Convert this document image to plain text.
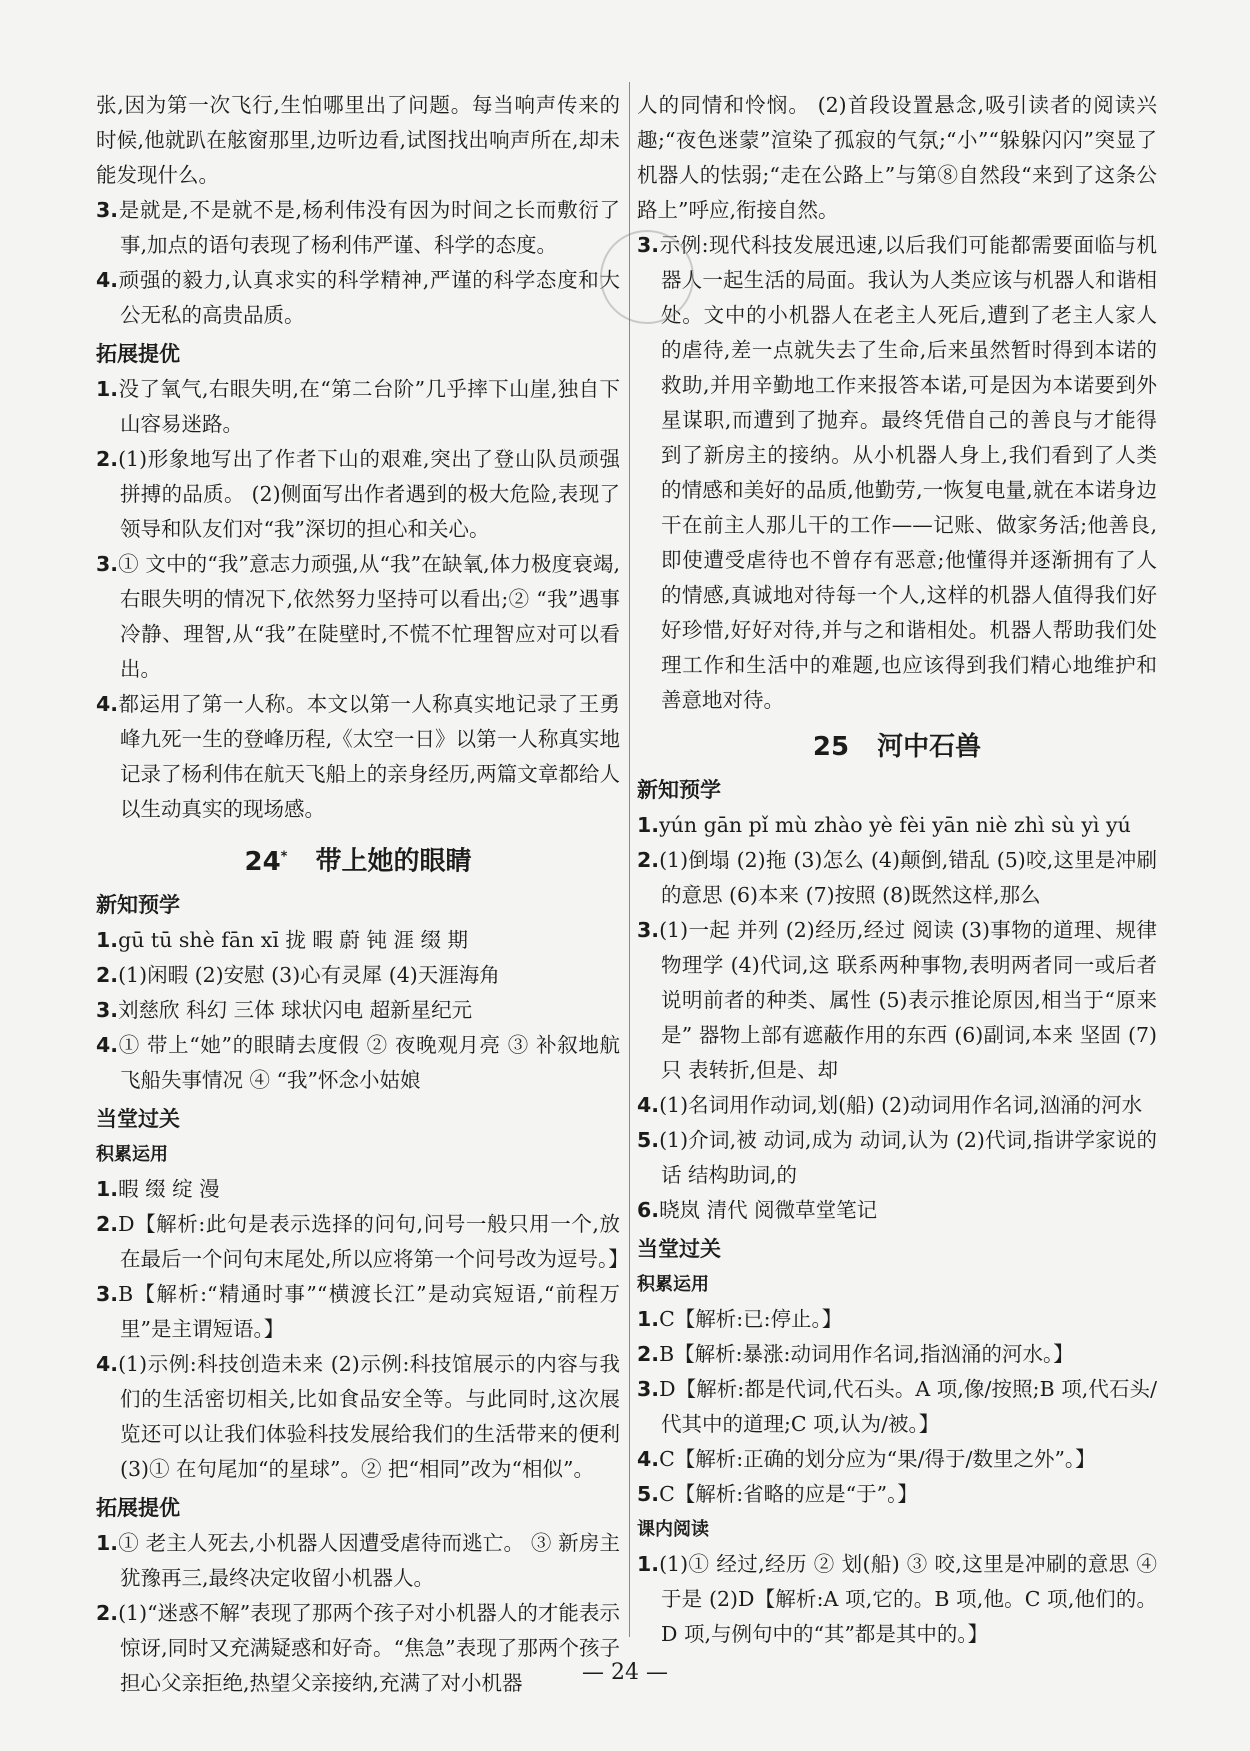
张,因为第一次飞行,生怕哪里出了问题。每当响声传来的时候,他就趴在舷窗那里,边听边看,试图找出响声所在,却未能发现什么。

3.是就是,不是就不是,杨利伟没有因为时间之长而敷衍了事,加点的语句表现了杨利伟严谨、科学的态度。

4.顽强的毅力,认真求实的科学精神,严谨的科学态度和大公无私的高贵品质。

拓展提优

1.没了氧气,右眼失明,在“第二台阶”几乎摔下山崖,独自下山容易迷路。

2.(1)形象地写出了作者下山的艰难,突出了登山队员顽强拼搏的品质。 (2)侧面写出作者遇到的极大危险,表现了领导和队友们对“我”深切的担心和关心。

3.① 文中的“我”意志力顽强,从“我”在缺氧,体力极度衰竭,右眼失明的情况下,依然努力坚持可以看出;② “我”遇事冷静、理智,从“我”在陡壁时,不慌不忙理智应对可以看出。

4.都运用了第一人称。本文以第一人称真实地记录了王勇峰九死一生的登峰历程,《太空一日》以第一人称真实地记录了杨利伟在航天飞船上的亲身经历,两篇文章都给人以生动真实的现场感。

24* 带上她的眼睛

新知预学

1.gū tū shè fān xī 拢 暇 蔚 钝 涯 缀 期

2.(1)闲暇 (2)安慰 (3)心有灵犀 (4)天涯海角

3.刘慈欣 科幻 三体 球状闪电 超新星纪元

4.① 带上“她”的眼睛去度假 ② 夜晚观月亮 ③ 补叙地航飞船失事情况 ④ “我”怀念小姑娘

当堂过关

积累运用

1.暇 缀 绽 漫

2.D【解析:此句是表示选择的问句,问号一般只用一个,放在最后一个问句末尾处,所以应将第一个问号改为逗号。】

3.B【解析:“精通时事”“横渡长江”是动宾短语,“前程万里”是主谓短语。】

4.(1)示例:科技创造未来 (2)示例:科技馆展示的内容与我们的生活密切相关,比如食品安全等。与此同时,这次展览还可以让我们体验科技发展给我们的生活带来的便利 (3)① 在句尾加“的星球”。② 把“相同”改为“相似”。

拓展提优

1.① 老主人死去,小机器人因遭受虐待而逃亡。 ③ 新房主犹豫再三,最终决定收留小机器人。

2.(1)“迷惑不解”表现了那两个孩子对小机器人的才能表示惊讶,同时又充满疑惑和好奇。“焦急”表现了那两个孩子担心父亲拒绝,热望父亲接纳,充满了对小机器

人的同情和怜悯。 (2)首段设置悬念,吸引读者的阅读兴趣;“夜色迷蒙”渲染了孤寂的气氛;“小”“躲躲闪闪”突显了机器人的怯弱;“走在公路上”与第⑧自然段“来到了这条公路上”呼应,衔接自然。

3.示例:现代科技发展迅速,以后我们可能都需要面临与机器人一起生活的局面。我认为人类应该与机器人和谐相处。文中的小机器人在老主人死后,遭到了老主人家人的虐待,差一点就失去了生命,后来虽然暂时得到本诺的救助,并用辛勤地工作来报答本诺,可是因为本诺要到外星谋职,而遭到了抛弃。最终凭借自己的善良与才能得到了新房主的接纳。从小机器人身上,我们看到了人类的情感和美好的品质,他勤劳,一恢复电量,就在本诺身边干在前主人那儿干的工作——记账、做家务活;他善良,即使遭受虐待也不曾存有恶意;他懂得并逐渐拥有了人的情感,真诚地对待每一个人,这样的机器人值得我们好好珍惜,好好对待,并与之和谐相处。机器人帮助我们处理工作和生活中的难题,也应该得到我们精心地维护和善意地对待。

25 河中石兽

新知预学

1.yún gān pǐ mù zhào yè fèi yān niè zhì sù yì yú

2.(1)倒塌 (2)拖 (3)怎么 (4)颠倒,错乱 (5)咬,这里是冲刷的意思 (6)本来 (7)按照 (8)既然这样,那么

3.(1)一起 并列 (2)经历,经过 阅读 (3)事物的道理、规律 物理学 (4)代词,这 联系两种事物,表明两者同一或后者说明前者的种类、属性 (5)表示推论原因,相当于“原来是” 器物上部有遮蔽作用的东西 (6)副词,本来 坚固 (7)只 表转折,但是、却

4.(1)名词用作动词,划(船) (2)动词用作名词,汹涌的河水

5.(1)介词,被 动词,成为 动词,认为 (2)代词,指讲学家说的话 结构助词,的

6.晓岚 清代 阅微草堂笔记

当堂过关

积累运用

1.C【解析:已:停止。】

2.B【解析:暴涨:动词用作名词,指汹涌的河水。】

3.D【解析:都是代词,代石头。A 项,像/按照;B 项,代石头/代其中的道理;C 项,认为/被。】

4.C【解析:正确的划分应为“果/得于/数里之外”。】

5.C【解析:省略的应是“于”。】

课内阅读

1.(1)① 经过,经历 ② 划(船) ③ 咬,这里是冲刷的意思 ④ 于是 (2)D【解析:A 项,它的。B 项,他。C 项,他们的。D 项,与例句中的“其”都是其中的。】

— 24 —
